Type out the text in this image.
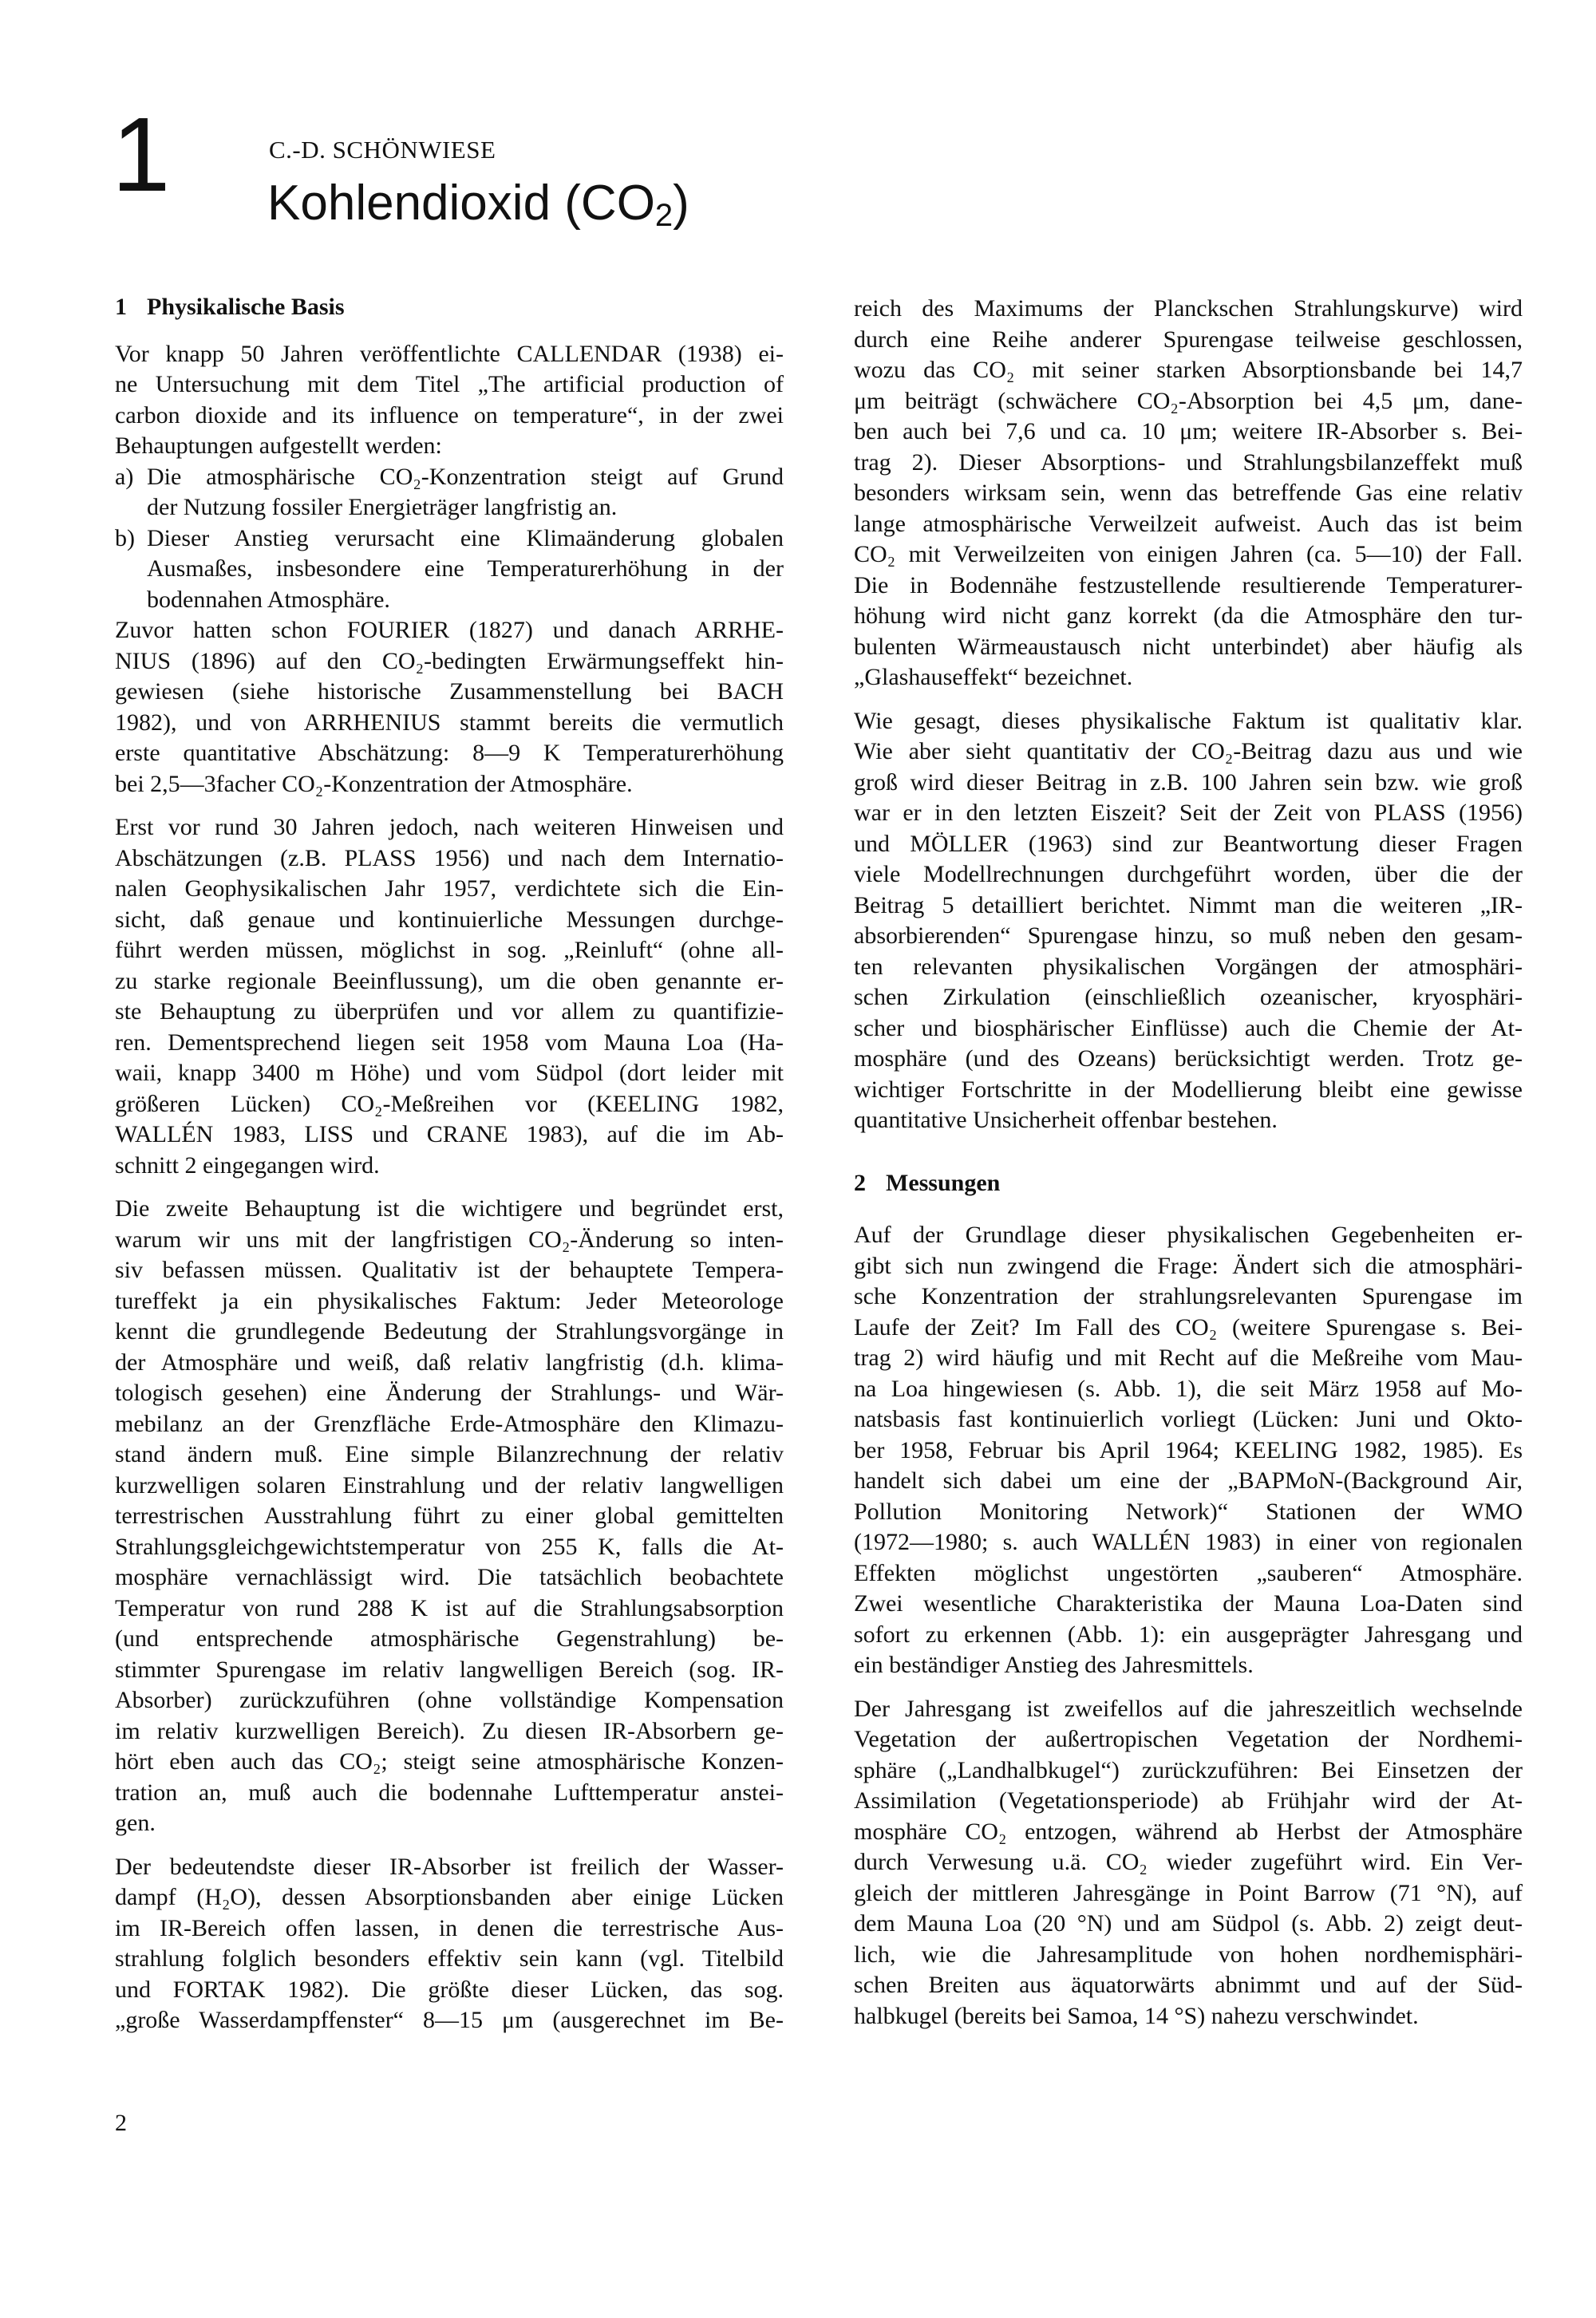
1	C.-D. SCHÖNWIESE
Kohlendioxid $(CO_2)$
1 Physikalische Basis
Vor knapp 50 Jahren veröffentlichte CALLENDAR (1938) ei-
ne Untersuchung mit dem Titel „The artificial production of
carbon dioxide and its influence on temperature“, in der zwei
Behauptungen aufgestellt werden:
a) Die atmosphärische CO₂-Konzentration steigt auf Grund
der Nutzung fossiler Energieträger langfristig an.
b) Dieser Anstieg verursacht eine Klimaänderung globalen
Ausmaßes, insbesondere eine Temperaturerhöhung in der
bodennahen Atmosphäre.
Zuvor hatten schon FOURIER (1827) und danach ARRHE-
NIUS (1896) auf den CO₂-bedingten Erwärmungseffekt hin-
gewiesen (siehe historische Zusammenstellung bei BACH
1982), und von ARRHENIUS stammt bereits die vermutlich
erste quantitative Abschätzung: 8—9 K Temperaturerhöhung
bei 2,5—3facher CO₂-Konzentration der Atmosphäre.
Erst vor rund 30 Jahren jedoch, nach weiteren Hinweisen und
Abschätzungen (z.B. PLASS 1956) und nach dem Internatio-
nalen Geophysikalischen Jahr 1957, verdichtete sich die Ein-
sicht, daß genaue und kontinuierliche Messungen durchge-
führt werden müssen, möglichst in sog. „Reinluft“ (ohne all-
zu starke regionale Beeinflussung), um die oben genannte er-
ste Behauptung zu überprüfen und vor allem zu quantifizie-
ren. Dementsprechend liegen seit 1958 vom Mauna Loa (Ha-
waii, knapp 3400 m Höhe) und vom Südpol (dort leider mit
größeren Lücken) CO₂-Meßreihen vor (KEELING 1982,
WALLÉN 1983, LISS und CRANE 1983), auf die im Ab-
schnitt 2 eingegangen wird.
Die zweite Behauptung ist die wichtigere und begründet erst,
warum wir uns mit der langfristigen CO₂-Änderung so inten-
siv befassen müssen. Qualitativ ist der behauptete Tempera-
tureffekt ja ein physikalisches Faktum: Jeder Meteorologe
kennt die grundlegende Bedeutung der Strahlungsvorgänge in
der Atmosphäre und weiß, daß relativ langfristig (d.h. klima-
tologisch gesehen) eine Änderung der Strahlungs- und Wär-
mebilanz an der Grenzfläche Erde-Atmosphäre den Klimazu-
stand ändern muß. Eine simple Bilanzrechnung der relativ
kurzwelligen solaren Einstrahlung und der relativ langwelligen
terrestrischen Ausstrahlung führt zu einer global gemittelten
Strahlungsgleichgewichtstemperatur von 255 K, falls die At-
mosphäre vernachlässigt wird. Die tatsächlich beobachtete
Temperatur von rund 288 K ist auf die Strahlungsabsorption
(und entsprechende atmosphärische Gegenstrahlung) be-
stimmter Spurengase im relativ langwelligen Bereich (sog. IR-
Absorber) zurückzuführen (ohne vollständige Kompensation
im relativ kurzwelligen Bereich). Zu diesen IR-Absorbern ge-
hört eben auch das CO₂; steigt seine atmosphärische Konzen-
tration an, muß auch die bodennahe Lufttemperatur anstei-
gen.
Der bedeutendste dieser IR-Absorber ist freilich der Wasser-
dampf (H₂O), dessen Absorptionsbanden aber einige Lücken
im IR-Bereich offen lassen, in denen die terrestrische Aus-
strahlung folglich besonders effektiv sein kann (vgl. Titelbild
und FORTAK 1982). Die größte dieser Lücken, das sog.
„große Wasserdampffenster“ 8—15 μm (ausgerechnet im Be-
reich des Maximums der Planckschen Strahlungskurve) wird
durch eine Reihe anderer Spurengase teilweise geschlossen,
wozu das CO₂ mit seiner starken Absorptionsbande bei 14,7
μm beiträgt (schwächere CO₂-Absorption bei 4,5 μm, dane-
ben auch bei 7,6 und ca. 10 μm; weitere IR-Absorber s. Bei-
trag 2). Dieser Absorptions- und Strahlungsbilanzeffekt muß
besonders wirksam sein, wenn das betreffende Gas eine relativ
lange atmosphärische Verweilzeit aufweist. Auch das ist beim
CO₂ mit Verweilzeiten von einigen Jahren (ca. 5—10) der Fall.
Die in Bodennähe festzustellende resultierende Temperaturer-
höhung wird nicht ganz korrekt (da die Atmosphäre den tur-
bulenten Wärmeaustausch nicht unterbindet) aber häufig als
„Glashauseffekt“ bezeichnet.
Wie gesagt, dieses physikalische Faktum ist qualitativ klar.
Wie aber sieht quantitativ der CO₂-Beitrag dazu aus und wie
groß wird dieser Beitrag in z.B. 100 Jahren sein bzw. wie groß
war er in den letzten Eiszeit? Seit der Zeit von PLASS (1956)
und MÖLLER (1963) sind zur Beantwortung dieser Fragen
viele Modellrechnungen durchgeführt worden, über die der
Beitrag 5 detailliert berichtet. Nimmt man die weiteren „IR-
absorbierenden“ Spurengase hinzu, so muß neben den gesam-
ten relevanten physikalischen Vorgängen der atmosphäri-
schen Zirkulation (einschließlich ozeanischer, kryosphäri-
scher und biosphärischer Einflüsse) auch die Chemie der At-
mosphäre (und des Ozeans) berücksichtigt werden. Trotz ge-
wichtiger Fortschritte in der Modellierung bleibt eine gewisse
quantitative Unsicherheit offenbar bestehen.
2 Messungen
Auf der Grundlage dieser physikalischen Gegebenheiten er-
gibt sich nun zwingend die Frage: Ändert sich die atmosphäri-
sche Konzentration der strahlungsrelevanten Spurengase im
Laufe der Zeit? Im Fall des CO₂ (weitere Spurengase s. Bei-
trag 2) wird häufig und mit Recht auf die Meßreihe vom Mau-
na Loa hingewiesen (s. Abb. 1), die seit März 1958 auf Mo-
natsbasis fast kontinuierlich vorliegt (Lücken: Juni und Okto-
ber 1958, Februar bis April 1964; KEELING 1982, 1985). Es
handelt sich dabei um eine der „BAPMoN-(Background Air,
Pollution Monitoring Network)“ Stationen der WMO
(1972—1980; s. auch WALLÉN 1983) in einer von regionalen
Effekten möglichst ungestörten „sauberen“ Atmosphäre.
Zwei wesentliche Charakteristika der Mauna Loa-Daten sind
sofort zu erkennen (Abb. 1): ein ausgeprägter Jahresgang und
ein beständiger Anstieg des Jahresmittels.
Der Jahresgang ist zweifellos auf die jahreszeitlich wechselnde
Vegetation der außertropischen Vegetation der Nordhemi-
sphäre („Landhalbkugel“) zurückzuführen: Bei Einsetzen der
Assimilation (Vegetationsperiode) ab Frühjahr wird der At-
mosphäre CO₂ entzogen, während ab Herbst der Atmosphäre
durch Verwesung u.ä. CO₂ wieder zugeführt wird. Ein Ver-
gleich der mittleren Jahresgänge in Point Barrow (71 °N), auf
dem Mauna Loa (20 °N) und am Südpol (s. Abb. 2) zeigt deut-
lich, wie die Jahresamplitude von hohen nordhemisphäri-
schen Breiten aus äquatorwärts abnimmt und auf der Süd-
halbkugel (bereits bei Samoa, 14 °S) nahezu verschwindet.
2
